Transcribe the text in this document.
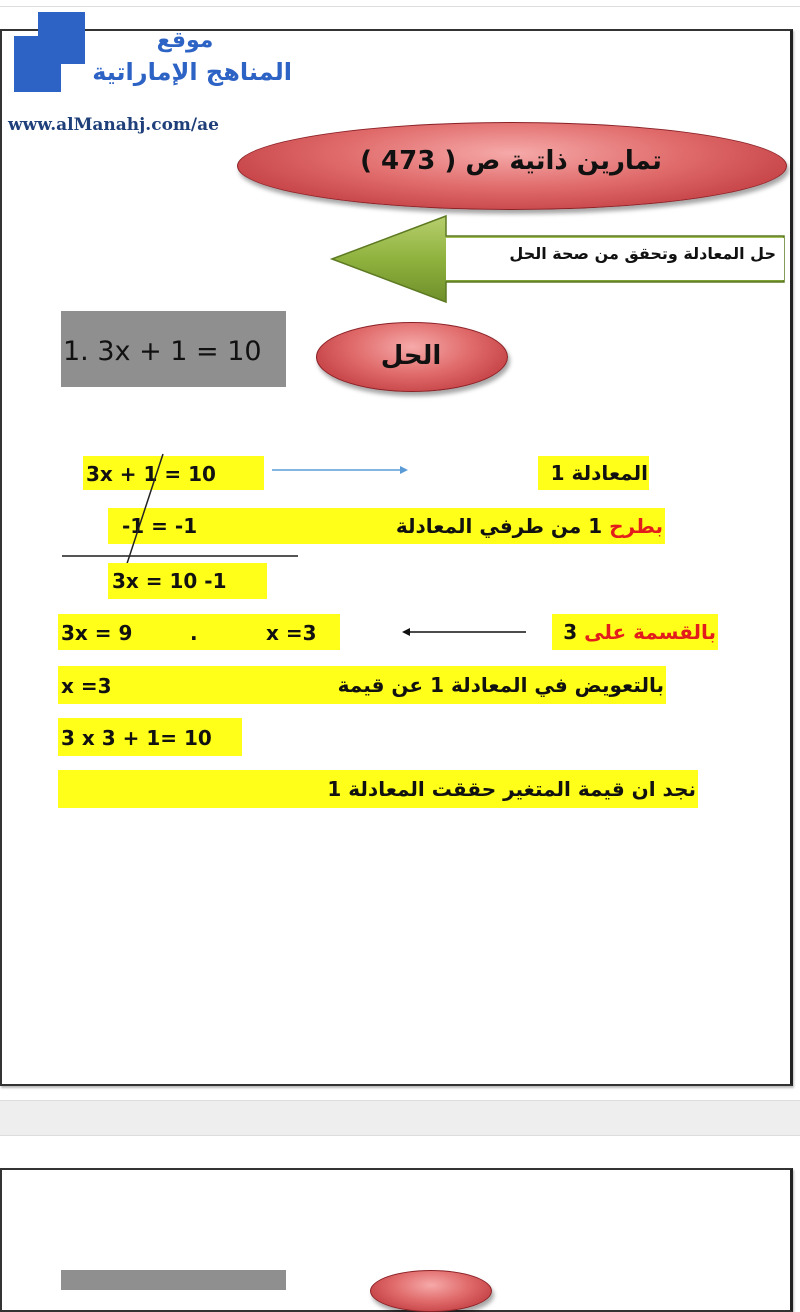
موقع
المناهج الإماراتية
www.alManahj.com/ae
تمارين ذاتية ص ( 473 )
حل المعادلة وتحقق من صحة الحل
1. 3x + 1 = 10	الحل
3x + 1 = 10	المعادلة 1
-1 = -1	بطرح 1 من طرفي المعادلة
3x = 10 -1
3x = 9	.	x =3	بالقسمة على 3
x =3	بالتعويض في المعادلة 1 عن قيمة
3 x 3 + 1= 10
نجد ان قيمة المتغير حققت المعادلة 1
